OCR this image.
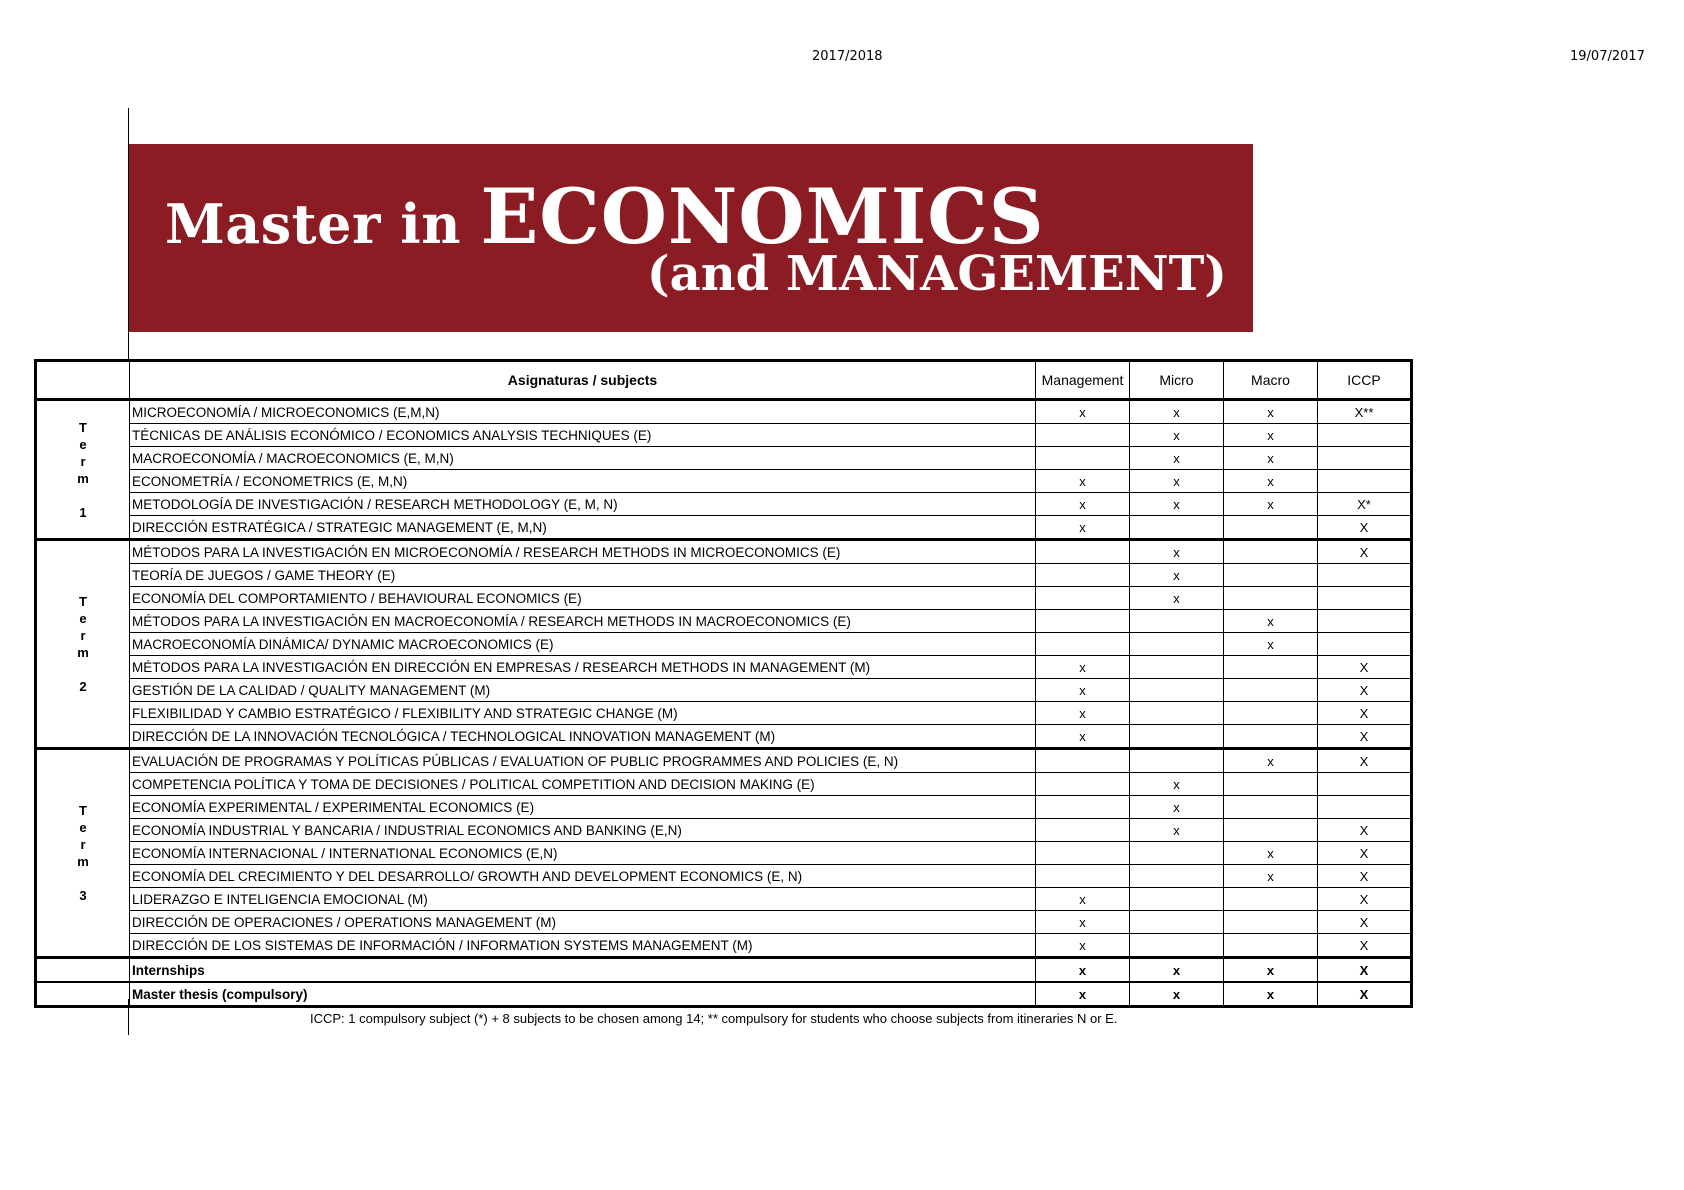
2017/2018	19/07/2017
Master in ECONOMICS
(and MANAGEMENT)
	Asignaturas / subjects	Management	Micro	Macro	ICCP

T
e
r
m

1	MICROECONOMÍA / MICROECONOMICS (E,M,N)	x	x	x	X**
	TÉCNICAS DE ANÁLISIS ECONÓMICO / ECONOMICS ANALYSIS TECHNIQUES (E)		x	x	
	MACROECONOMÍA / MACROECONOMICS (E, M,N)		x	x	
	ECONOMETRÍA / ECONOMETRICS (E, M,N)	x	x	x	
	METODOLOGÍA DE INVESTIGACIÓN / RESEARCH METHODOLOGY (E, M, N)	x	x	x	X*
	DIRECCIÓN ESTRATÉGICA / STRATEGIC MANAGEMENT (E, M,N)	x			X

T
e
r
m

2	MÉTODOS PARA LA INVESTIGACIÓN EN MICROECONOMÍA / RESEARCH METHODS IN MICROECONOMICS (E)		x		X
	TEORÍA DE JUEGOS / GAME THEORY (E)		x		
	ECONOMÍA DEL COMPORTAMIENTO / BEHAVIOURAL ECONOMICS (E)		x		
	MÉTODOS PARA LA INVESTIGACIÓN EN MACROECONOMÍA / RESEARCH METHODS IN MACROECONOMICS (E)			x	
	MACROECONOMÍA DINÁMICA/ DYNAMIC MACROECONOMICS (E)			x	
	MÉTODOS PARA LA INVESTIGACIÓN EN DIRECCIÓN EN EMPRESAS / RESEARCH METHODS IN MANAGEMENT (M)	x			X
	GESTIÓN DE LA CALIDAD / QUALITY MANAGEMENT (M)	x			X
	FLEXIBILIDAD Y CAMBIO ESTRATÉGICO / FLEXIBILITY AND STRATEGIC CHANGE (M)	x			X
	DIRECCIÓN DE LA INNOVACIÓN TECNOLÓGICA / TECHNOLOGICAL INNOVATION MANAGEMENT (M)	x			X

T
e
r
m

3	EVALUACIÓN DE PROGRAMAS Y POLÍTICAS PÚBLICAS / EVALUATION OF PUBLIC PROGRAMMES AND POLICIES (E, N)			x	X
	COMPETENCIA POLÍTICA Y TOMA DE DECISIONES / POLITICAL COMPETITION AND DECISION MAKING (E)		x		
	ECONOMÍA EXPERIMENTAL / EXPERIMENTAL ECONOMICS (E)		x		
	ECONOMÍA INDUSTRIAL Y BANCARIA / INDUSTRIAL ECONOMICS AND BANKING (E,N)		x		X
	ECONOMÍA INTERNACIONAL / INTERNATIONAL ECONOMICS (E,N)			x	X
	ECONOMÍA DEL CRECIMIENTO Y DEL DESARROLLO/ GROWTH AND DEVELOPMENT ECONOMICS (E, N)			x	X
	LIDERAZGO E INTELIGENCIA EMOCIONAL (M)	x			X
	DIRECCIÓN DE OPERACIONES / OPERATIONS MANAGEMENT (M)	x			X
	DIRECCIÓN DE LOS SISTEMAS DE INFORMACIÓN / INFORMATION SYSTEMS MANAGEMENT (M)	x			X
	Internships	x	x	x	X
	Master thesis (compulsory)	x	x	x	X
ICCP: 1 compulsory subject (*) + 8 subjects to be chosen among 14; ** compulsory for students who choose subjects from itineraries N or E.
